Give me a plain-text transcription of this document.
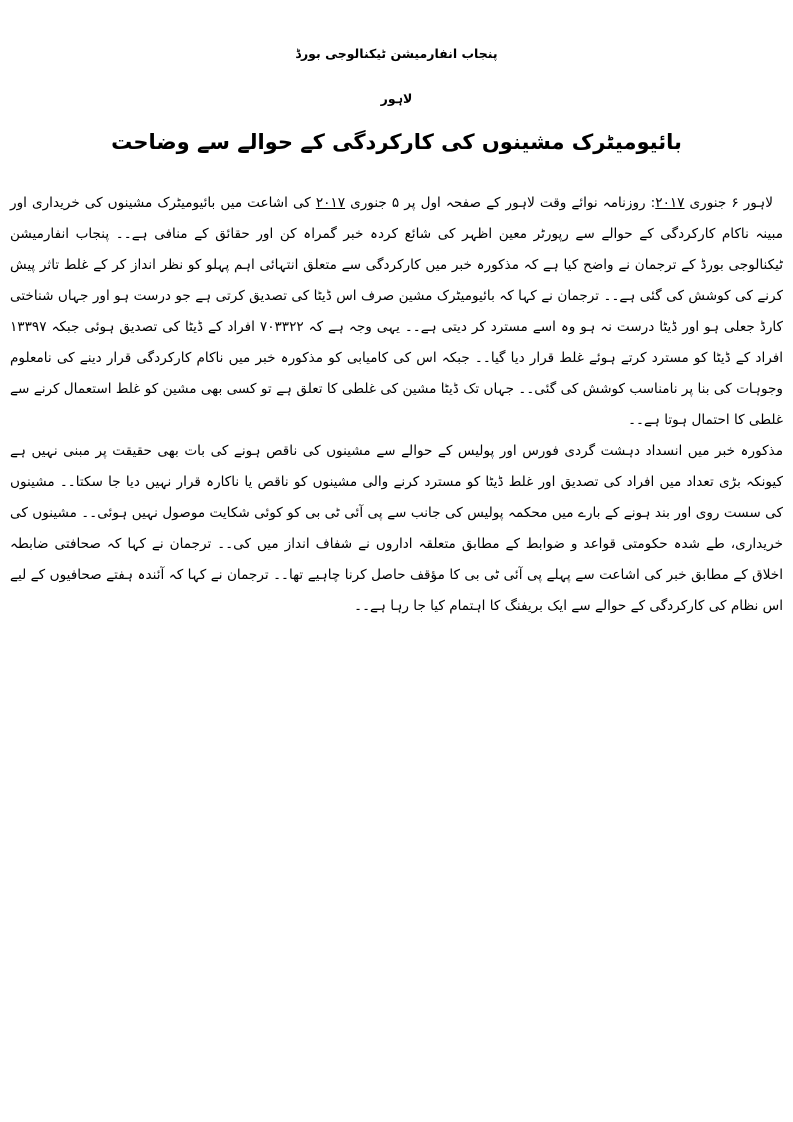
پنجاب انفارمیشن ٹیکنالوجی بورڈ
لاہور
بائیومیٹرک مشینوں کی کارکردگی کے حوالے سے وضاحت

لاہور ۶ جنوری ۲۰۱۷: روزنامہ نوائے وقت لاہور کے صفحہ اول پر ۵ جنوری ۲۰۱۷ کی اشاعت میں بائیومیٹرک مشینوں کی خریداری اور مبینہ ناکام کارکردگی کے حوالے سے رپورٹر معین اظہر کی شائع کردہ خبر گمراہ کن اور حقائق کے منافی ہے۔۔ پنجاب انفارمیشن ٹیکنالوجی بورڈ کے ترجمان نے واضح کیا ہے کہ مذکورہ خبر میں کارکردگی سے متعلق انتہائی اہم پہلو کو نظر انداز کر کے غلط تاثر پیش کرنے کی کوشش کی گئی ہے۔۔ ترجمان نے کہا کہ بائیومیٹرک مشین صرف اس ڈیٹا کی تصدیق کرتی ہے جو درست ہو اور جہاں شناختی کارڈ جعلی ہو اور ڈیٹا درست نہ ہو وہ اسے مسترد کر دیتی ہے۔۔ یہی وجہ ہے کہ ۷۰۳۳۲۲ افراد کے ڈیٹا کی تصدیق ہوئی جبکہ ۱۳۳۹۷ افراد کے ڈیٹا کو مسترد کرتے ہوئے غلط قرار دیا گیا۔۔ جبکہ اس کی کامیابی کو مذکورہ خبر میں ناکام کارکردگی قرار دینے کی نامعلوم وجوہات کی بنا پر نامناسب کوشش کی گئی۔۔ جہاں تک ڈیٹا مشین کی غلطی کا تعلق ہے تو کسی بھی مشین کو غلط استعمال کرنے سے غلطی کا احتمال ہوتا ہے۔۔

مذکورہ خبر میں انسداد دہشت گردی فورس اور پولیس کے حوالے سے مشینوں کی ناقص ہونے کی بات بھی حقیقت پر مبنی نہیں ہے کیونکہ بڑی تعداد میں افراد کی تصدیق اور غلط ڈیٹا کو مسترد کرنے والی مشینوں کو ناقص یا ناکارہ قرار نہیں دیا جا سکتا۔۔ مشینوں کی سست روی اور بند ہونے کے بارے میں محکمہ پولیس کی جانب سے پی آئی ٹی بی کو کوئی شکایت موصول نہیں ہوئی۔۔ مشینوں کی خریداری، طے شدہ حکومتی قواعد و ضوابط کے مطابق متعلقہ اداروں نے شفاف انداز میں کی۔۔ ترجمان نے کہا کہ صحافتی ضابطہ اخلاق کے مطابق خبر کی اشاعت سے پہلے پی آئی ٹی بی کا مؤقف حاصل کرنا چاہیے تھا۔۔ ترجمان نے کہا کہ آئندہ ہفتے صحافیوں کے لیے اس نظام کی کارکردگی کے حوالے سے ایک بریفنگ کا اہتمام کیا جا رہا ہے۔۔
